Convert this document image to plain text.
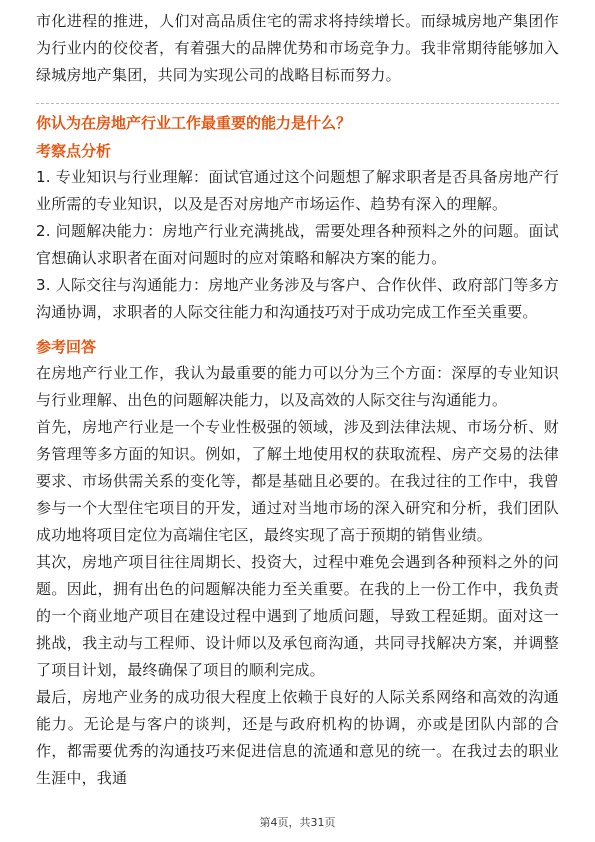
市化进程的推进，人们对高品质住宅的需求将持续增长。而绿城房地产集团作为行业内的佼佼者，有着强大的品牌优势和市场竞争力。我非常期待能够加入绿城房地产集团，共同为实现公司的战略目标而努力。

你认为在房地产行业工作最重要的能力是什么？
考察点分析

1. 专业知识与行业理解：面试官通过这个问题想了解求职者是否具备房地产行业所需的专业知识，以及是否对房地产市场运作、趋势有深入的理解。

2. 问题解决能力：房地产行业充满挑战，需要处理各种预料之外的问题。面试官想确认求职者在面对问题时的应对策略和解决方案的能力。

3. 人际交往与沟通能力：房地产业务涉及与客户、合作伙伴、政府部门等多方沟通协调，求职者的人际交往能力和沟通技巧对于成功完成工作至关重要。

参考回答

在房地产行业工作，我认为最重要的能力可以分为三个方面：深厚的专业知识与行业理解、出色的问题解决能力，以及高效的人际交往与沟通能力。

首先，房地产行业是一个专业性极强的领域，涉及到法律法规、市场分析、财务管理等多方面的知识。例如，了解土地使用权的获取流程、房产交易的法律要求、市场供需关系的变化等，都是基础且必要的。在我过往的工作中，我曾参与一个大型住宅项目的开发，通过对当地市场的深入研究和分析，我们团队成功地将项目定位为高端住宅区，最终实现了高于预期的销售业绩。

其次，房地产项目往往周期长、投资大，过程中难免会遇到各种预料之外的问题。因此，拥有出色的问题解决能力至关重要。在我的上一份工作中，我负责的一个商业地产项目在建设过程中遇到了地质问题，导致工程延期。面对这一挑战，我主动与工程师、设计师以及承包商沟通，共同寻找解决方案，并调整了项目计划，最终确保了项目的顺利完成。

最后，房地产业务的成功很大程度上依赖于良好的人际关系网络和高效的沟通能力。无论是与客户的谈判，还是与政府机构的协调，亦或是团队内部的合作，都需要优秀的沟通技巧来促进信息的流通和意见的统一。在我过去的职业生涯中，我通

第4页，共31页
